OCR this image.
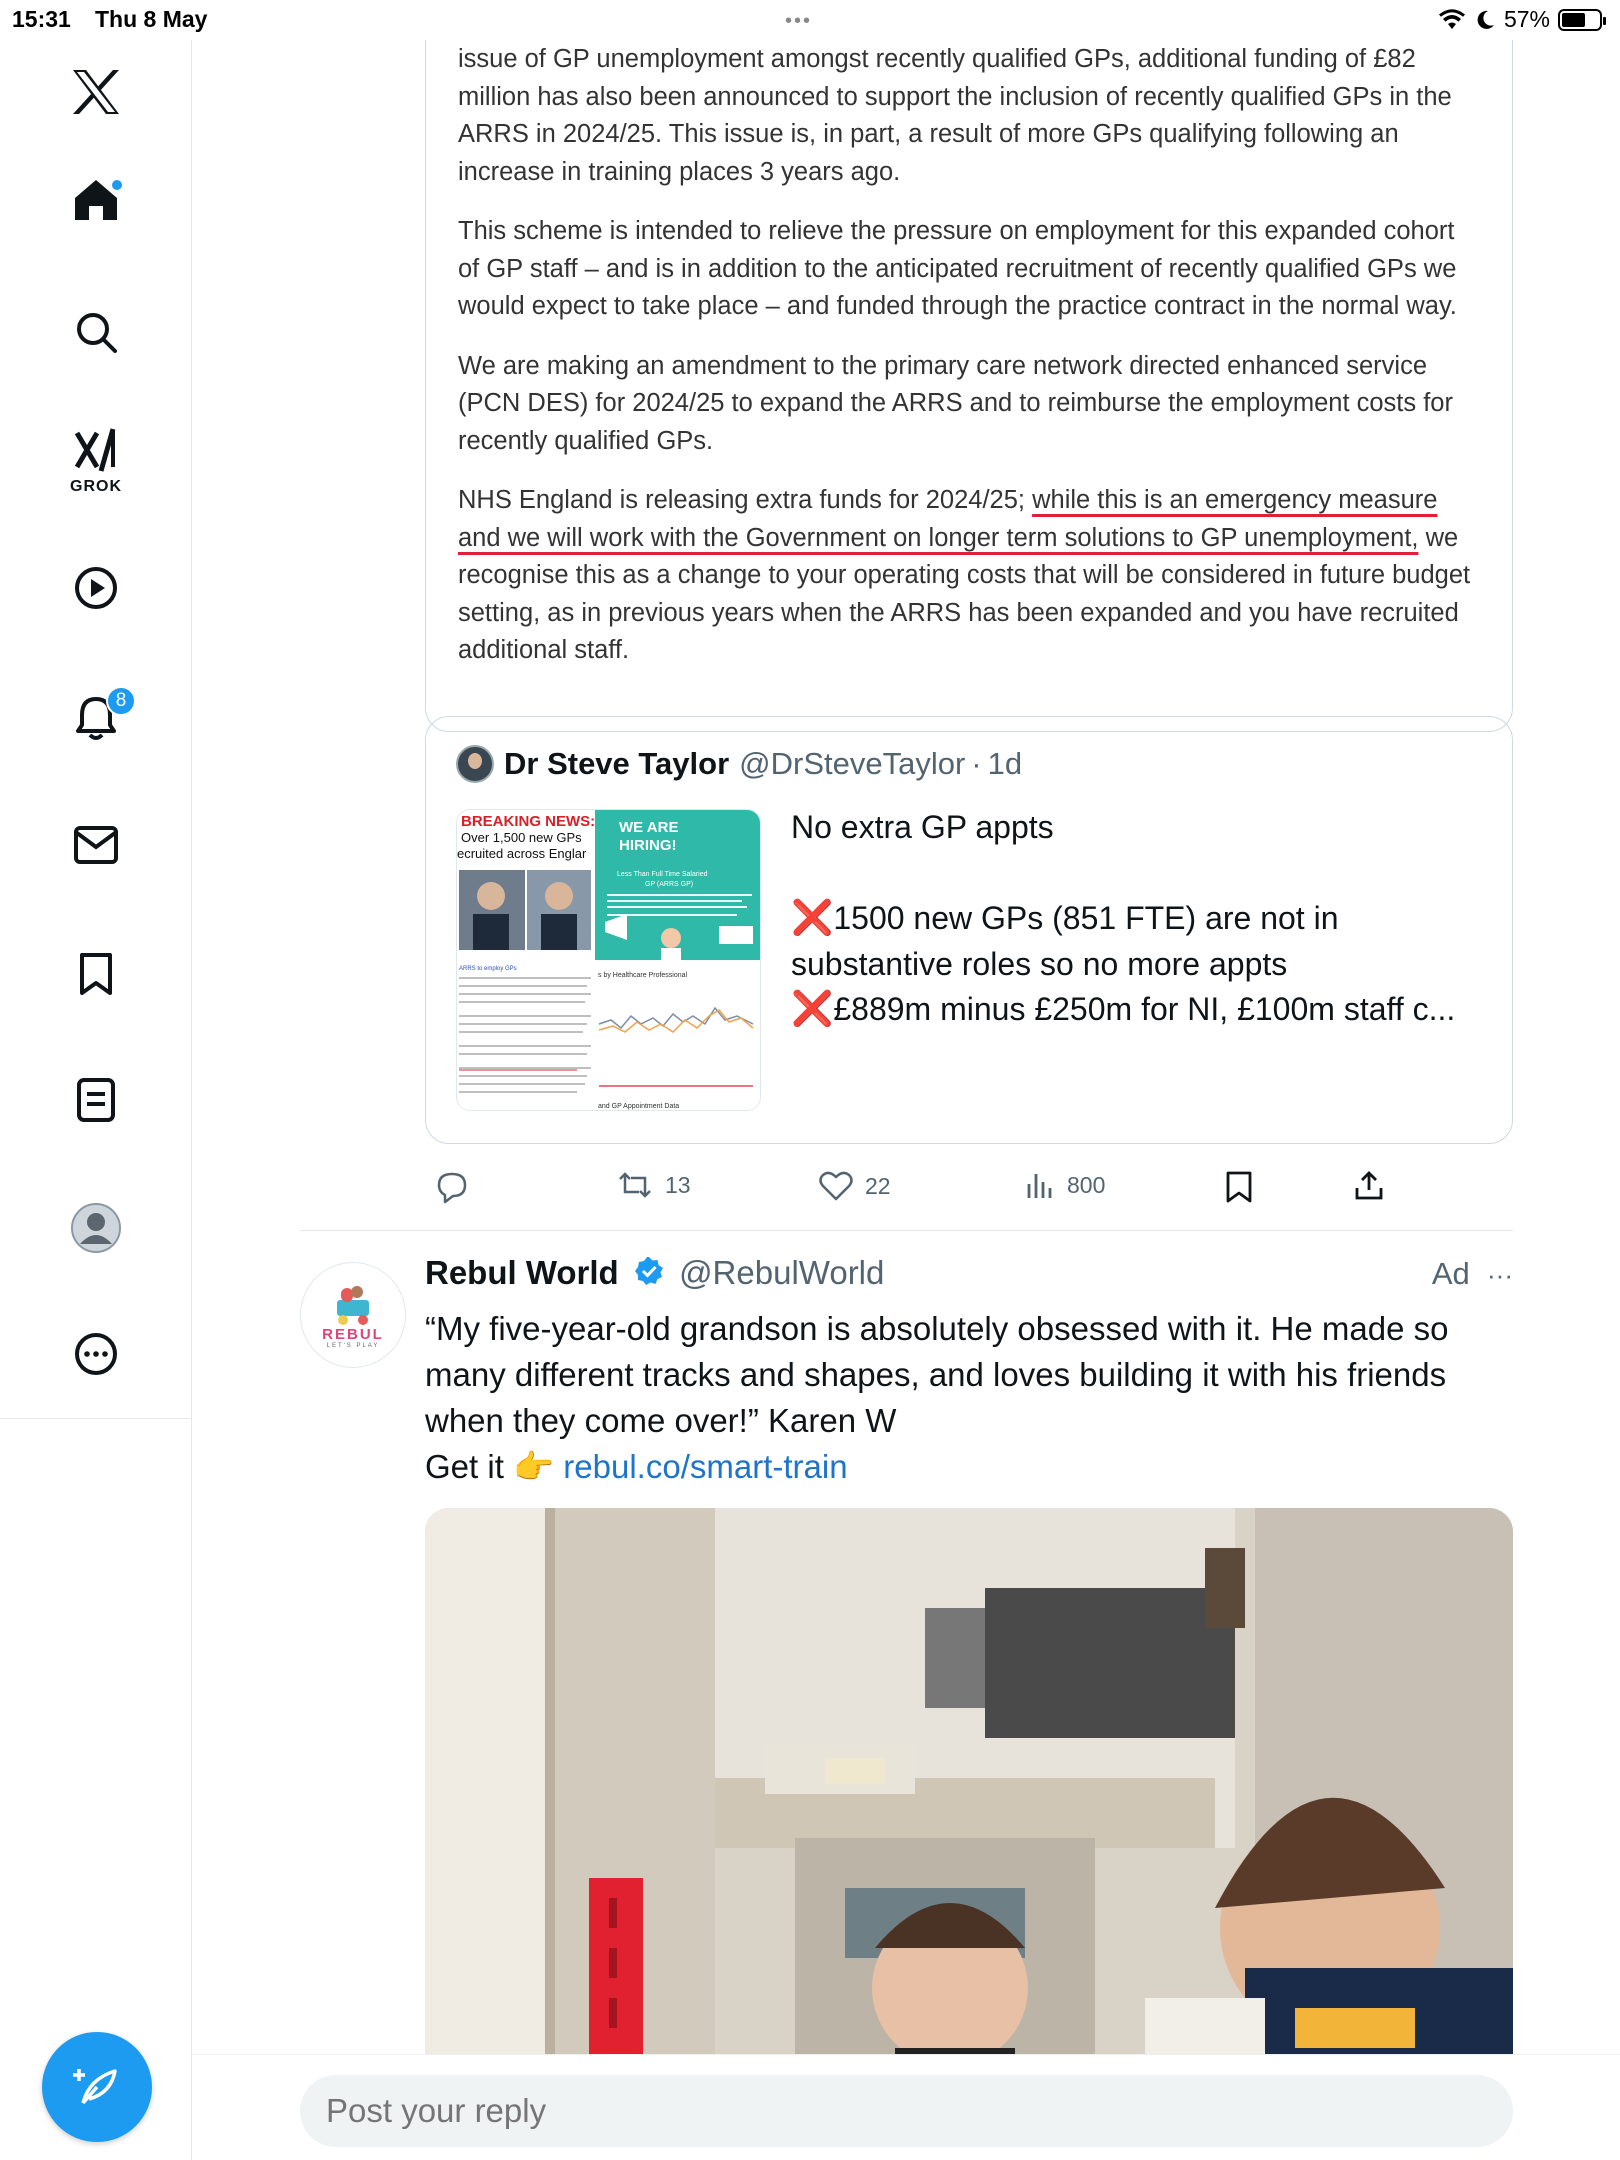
15:31 Thu 8 May	•••	57%
GROK
8

issue of GP unemployment amongst recently qualified GPs, additional funding of £82 million has also been announced to support the inclusion of recently qualified GPs in the ARRS in 2024/25. This issue is, in part, a result of more GPs qualifying following an increase in training places 3 years ago.

This scheme is intended to relieve the pressure on employment for this expanded cohort of GP staff – and is in addition to the anticipated recruitment of recently qualified GPs we would expect to take place – and funded through the practice contract in the normal way.

We are making an amendment to the primary care network directed enhanced service (PCN DES) for 2024/25 to expand the ARRS and to reimburse the employment costs for recently qualified GPs.

NHS England is releasing extra funds for 2024/25; while this is an emergency measure and we will work with the Government on longer term solutions to GP unemployment, we recognise this as a change to your operating costs that will be considered in future budget setting, as in previous years when the ARRS has been expanded and you have recruited additional staff.

Dr Steve Taylor @DrSteveTaylor · 1d
BREAKING NEWS:
Over 1,500 new GPs
ecruited across Englar
ARRS to employ GPs
WE ARE
HIRING!
Less Than Full Time Salaried
GP (ARRS GP)
s by Healthcare Professional
and GP Appointment Data
No extra GP appts

❌1500 new GPs (851 FTE) are not in
substantive roles so no more appts
❌£889m minus £250m for NI, £100m staff c...
13	22	800
REBUL
LET'S PLAY
Rebul World @RebulWorld	Ad ···
“My five-year-old grandson is absolutely obsessed with it. He made so
many different tracks and shapes, and loves building it with his friends
when they come over!” Karen W
Get it 👉 rebul.co/smart-train
Post your reply
